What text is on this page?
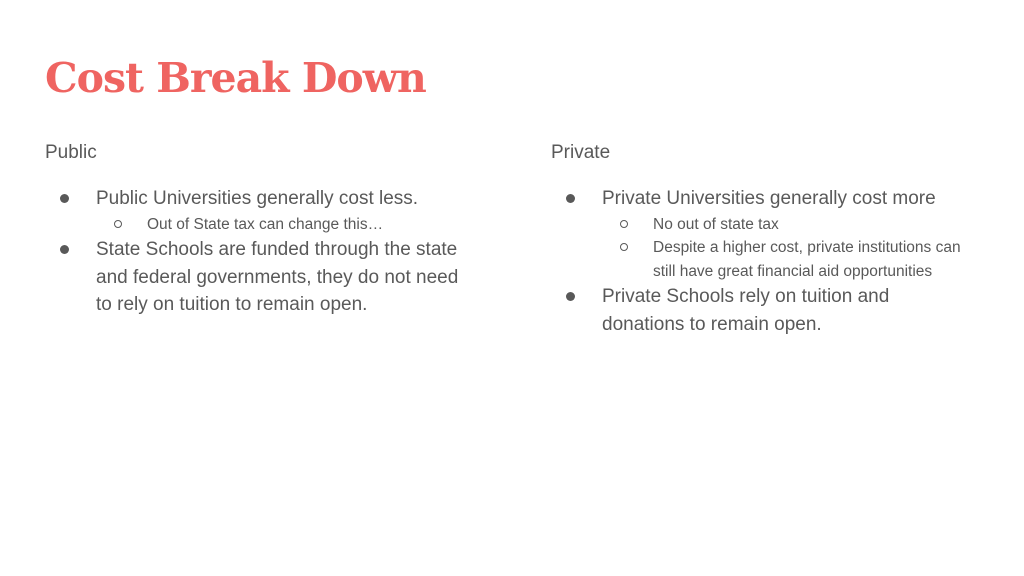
Cost Break Down
Public
Public Universities generally cost less.
Out of State tax can change this…
State Schools are funded through the state and federal governments, they do not need to rely on tuition to remain open.
Private
Private Universities generally cost more
No out of state tax
Despite a higher cost, private institutions can still have great financial aid opportunities
Private Schools rely on tuition and donations to remain open.
